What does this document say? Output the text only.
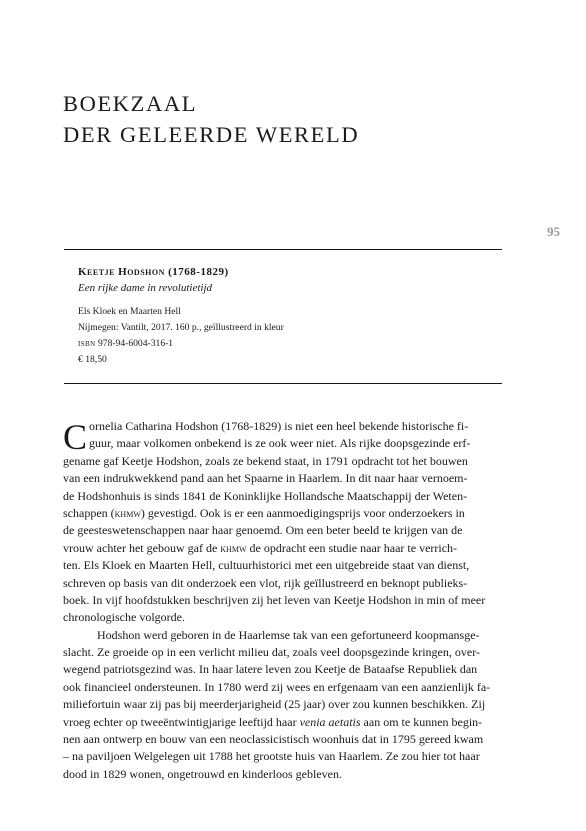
BOEKZAAL
DER GELEERDE WERELD
95
Keetje Hodshon (1768-1829)
Een rijke dame in revolutietijd
Els Kloek en Maarten Hell
Nijmegen: Vantilt, 2017. 160 p., geïllustreerd in kleur
isbn 978-94-6004-316-1
€ 18,50
C ornelia Catharina Hodshon (1768-1829) is niet een heel bekende historische fi-
guur, maar volkomen onbekend is ze ook weer niet. Als rijke doopsgezinde erf-
gename gaf Keetje Hodshon, zoals ze bekend staat, in 1791 opdracht tot het bouwen
van een indrukwekkend pand aan het Spaarne in Haarlem. In dit naar haar vernoem-
de Hodshonhuis is sinds 1841 de Koninklijke Hollandsche Maatschappij der Weten-
schappen (khmw) gevestigd. Ook is er een aanmoedigingsprijs voor onderzoekers in
de geesteswetenschappen naar haar genoemd. Om een beter beeld te krijgen van de
vrouw achter het gebouw gaf de khmw de opdracht een studie naar haar te verrich-
ten. Els Kloek en Maarten Hell, cultuurhistorici met een uitgebreide staat van dienst,
schreven op basis van dit onderzoek een vlot, rijk geïllustreerd en beknopt publieks-
boek. In vijf hoofdstukken beschrijven zij het leven van Keetje Hodshon in min of meer
chronologische volgorde.
Hodshon werd geboren in de Haarlemse tak van een gefortuneerd koopmansge-
slacht. Ze groeide op in een verlicht milieu dat, zoals veel doopsgezinde kringen, over-
wegend patriotsgezind was. In haar latere leven zou Keetje de Bataafse Republiek dan
ook financieel ondersteunen. In 1780 werd zij wees en erfgenaam van een aanzienlijk fa-
miliefortuin waar zij pas bij meerderjarigheid (25 jaar) over zou kunnen beschikken. Zij
vroeg echter op tweeëntwintigjarige leeftijd haar venia aetatis aan om te kunnen begin-
nen aan ontwerp en bouw van een neoclassicistisch woonhuis dat in 1795 gereed kwam
– na paviljoen Welgelegen uit 1788 het grootste huis van Haarlem. Ze zou hier tot haar
dood in 1829 wonen, ongetrouwd en kinderloos gebleven.
